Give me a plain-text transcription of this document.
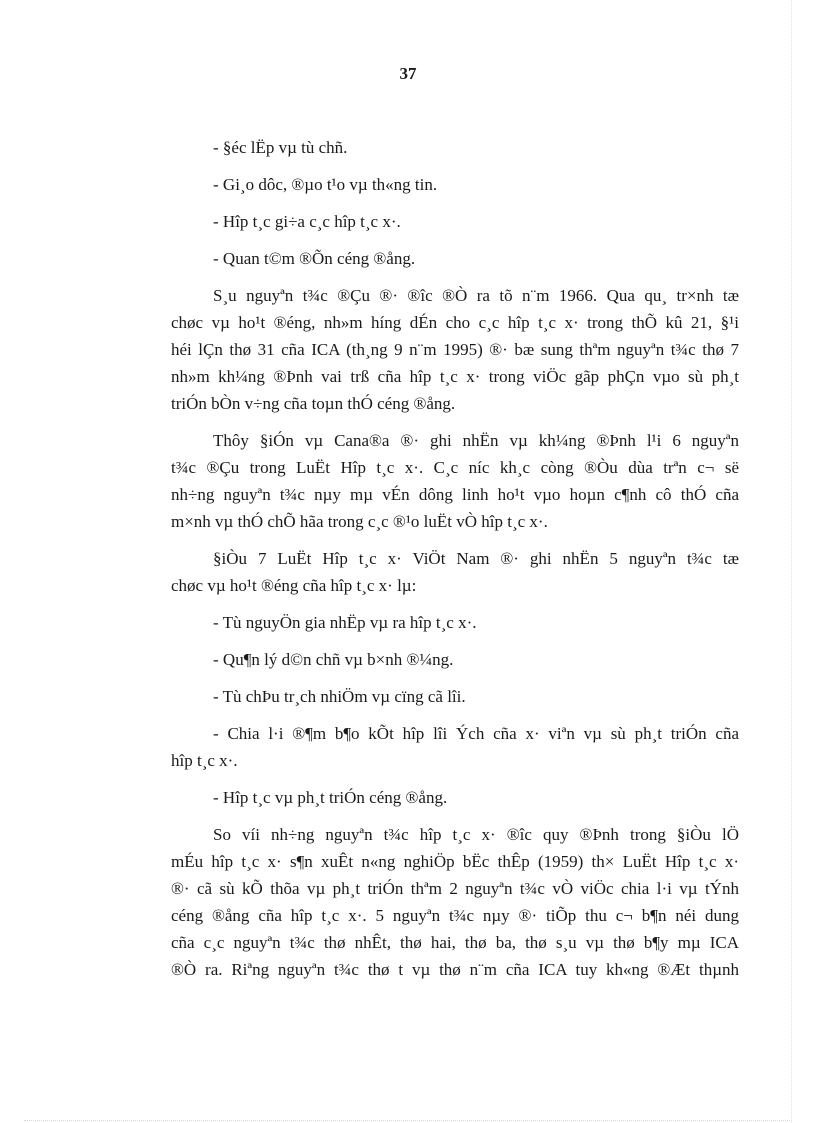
37
- §éc lËp vµ tù chñ.
- Gi¸o dôc, ®µo t¹o vµ th«ng tin.
- Hîp t¸c gi÷a c¸c hîp t¸c x·.
- Quan t©m ®Õn céng ®ång.
S¸u nguyªn t¾c ®Çu ®· ®îc ®Ò ra tõ n¨m 1966. Qua qu¸ tr×nh tæ
chøc vµ ho¹t ®éng, nh»m híng dÉn cho c¸c hîp t¸c x· trong thÕ kû 21, §¹i
héi lÇn thø 31 cña ICA (th¸ng 9 n¨m 1995) ®· bæ sung thªm nguyªn t¾c thø 7
nh»m kh¼ng ®Þnh vai trß cña hîp t¸c x· trong viÖc gãp phÇn vµo sù ph¸t
triÓn bÒn v÷ng cña toµn thÓ céng ®ång.
Thôy §iÓn vµ Cana®a ®· ghi nhËn vµ kh¼ng ®Þnh l¹i 6 nguyªn
t¾c ®Çu trong LuËt Hîp t¸c x·. C¸c níc kh¸c còng ®Òu dùa trªn c¬ së
nh÷ng nguyªn t¾c nµy mµ vÉn dông linh ho¹t vµo hoµn c¶nh cô thÓ cña
m×nh vµ thÓ chÕ hãa trong c¸c ®¹o luËt vÒ hîp t¸c x·.
§iÒu 7 LuËt Hîp t¸c x· ViÖt Nam ®· ghi nhËn 5 nguyªn t¾c tæ
chøc vµ ho¹t ®éng cña hîp t¸c x· lµ:
- Tù nguyÖn gia nhËp vµ ra hîp t¸c x·.
- Qu¶n lý d©n chñ vµ b×nh ®¼ng.
- Tù chÞu tr¸ch nhiÖm vµ cïng cã lîi.
- Chia l·i ®¶m b¶o kÕt hîp lîi Ých cña x· viªn vµ sù ph¸t triÓn cña
hîp t¸c x·.
- Hîp t¸c vµ ph¸t triÓn céng ®ång.
So víi nh÷ng nguyªn t¾c hîp t¸c x· ®îc quy ®Þnh trong §iÒu lÖ
mÉu hîp t¸c x· s¶n xuÊt n«ng nghiÖp bËc thÊp (1959) th× LuËt Hîp t¸c x·
®· cã sù kÕ thõa vµ ph¸t triÓn thªm 2 nguyªn t¾c vÒ viÖc chia l·i vµ tÝnh
céng ®ång cña hîp t¸c x·. 5 nguyªn t¾c nµy ®· tiÕp thu c¬ b¶n néi dung
cña c¸c nguyªn t¾c thø nhÊt, thø hai, thø ba, thø s¸u vµ thø b¶y mµ ICA
®Ò ra. Riªng nguyªn t¾c thø t vµ thø n¨m cña ICA tuy kh«ng ®Æt thµnh
